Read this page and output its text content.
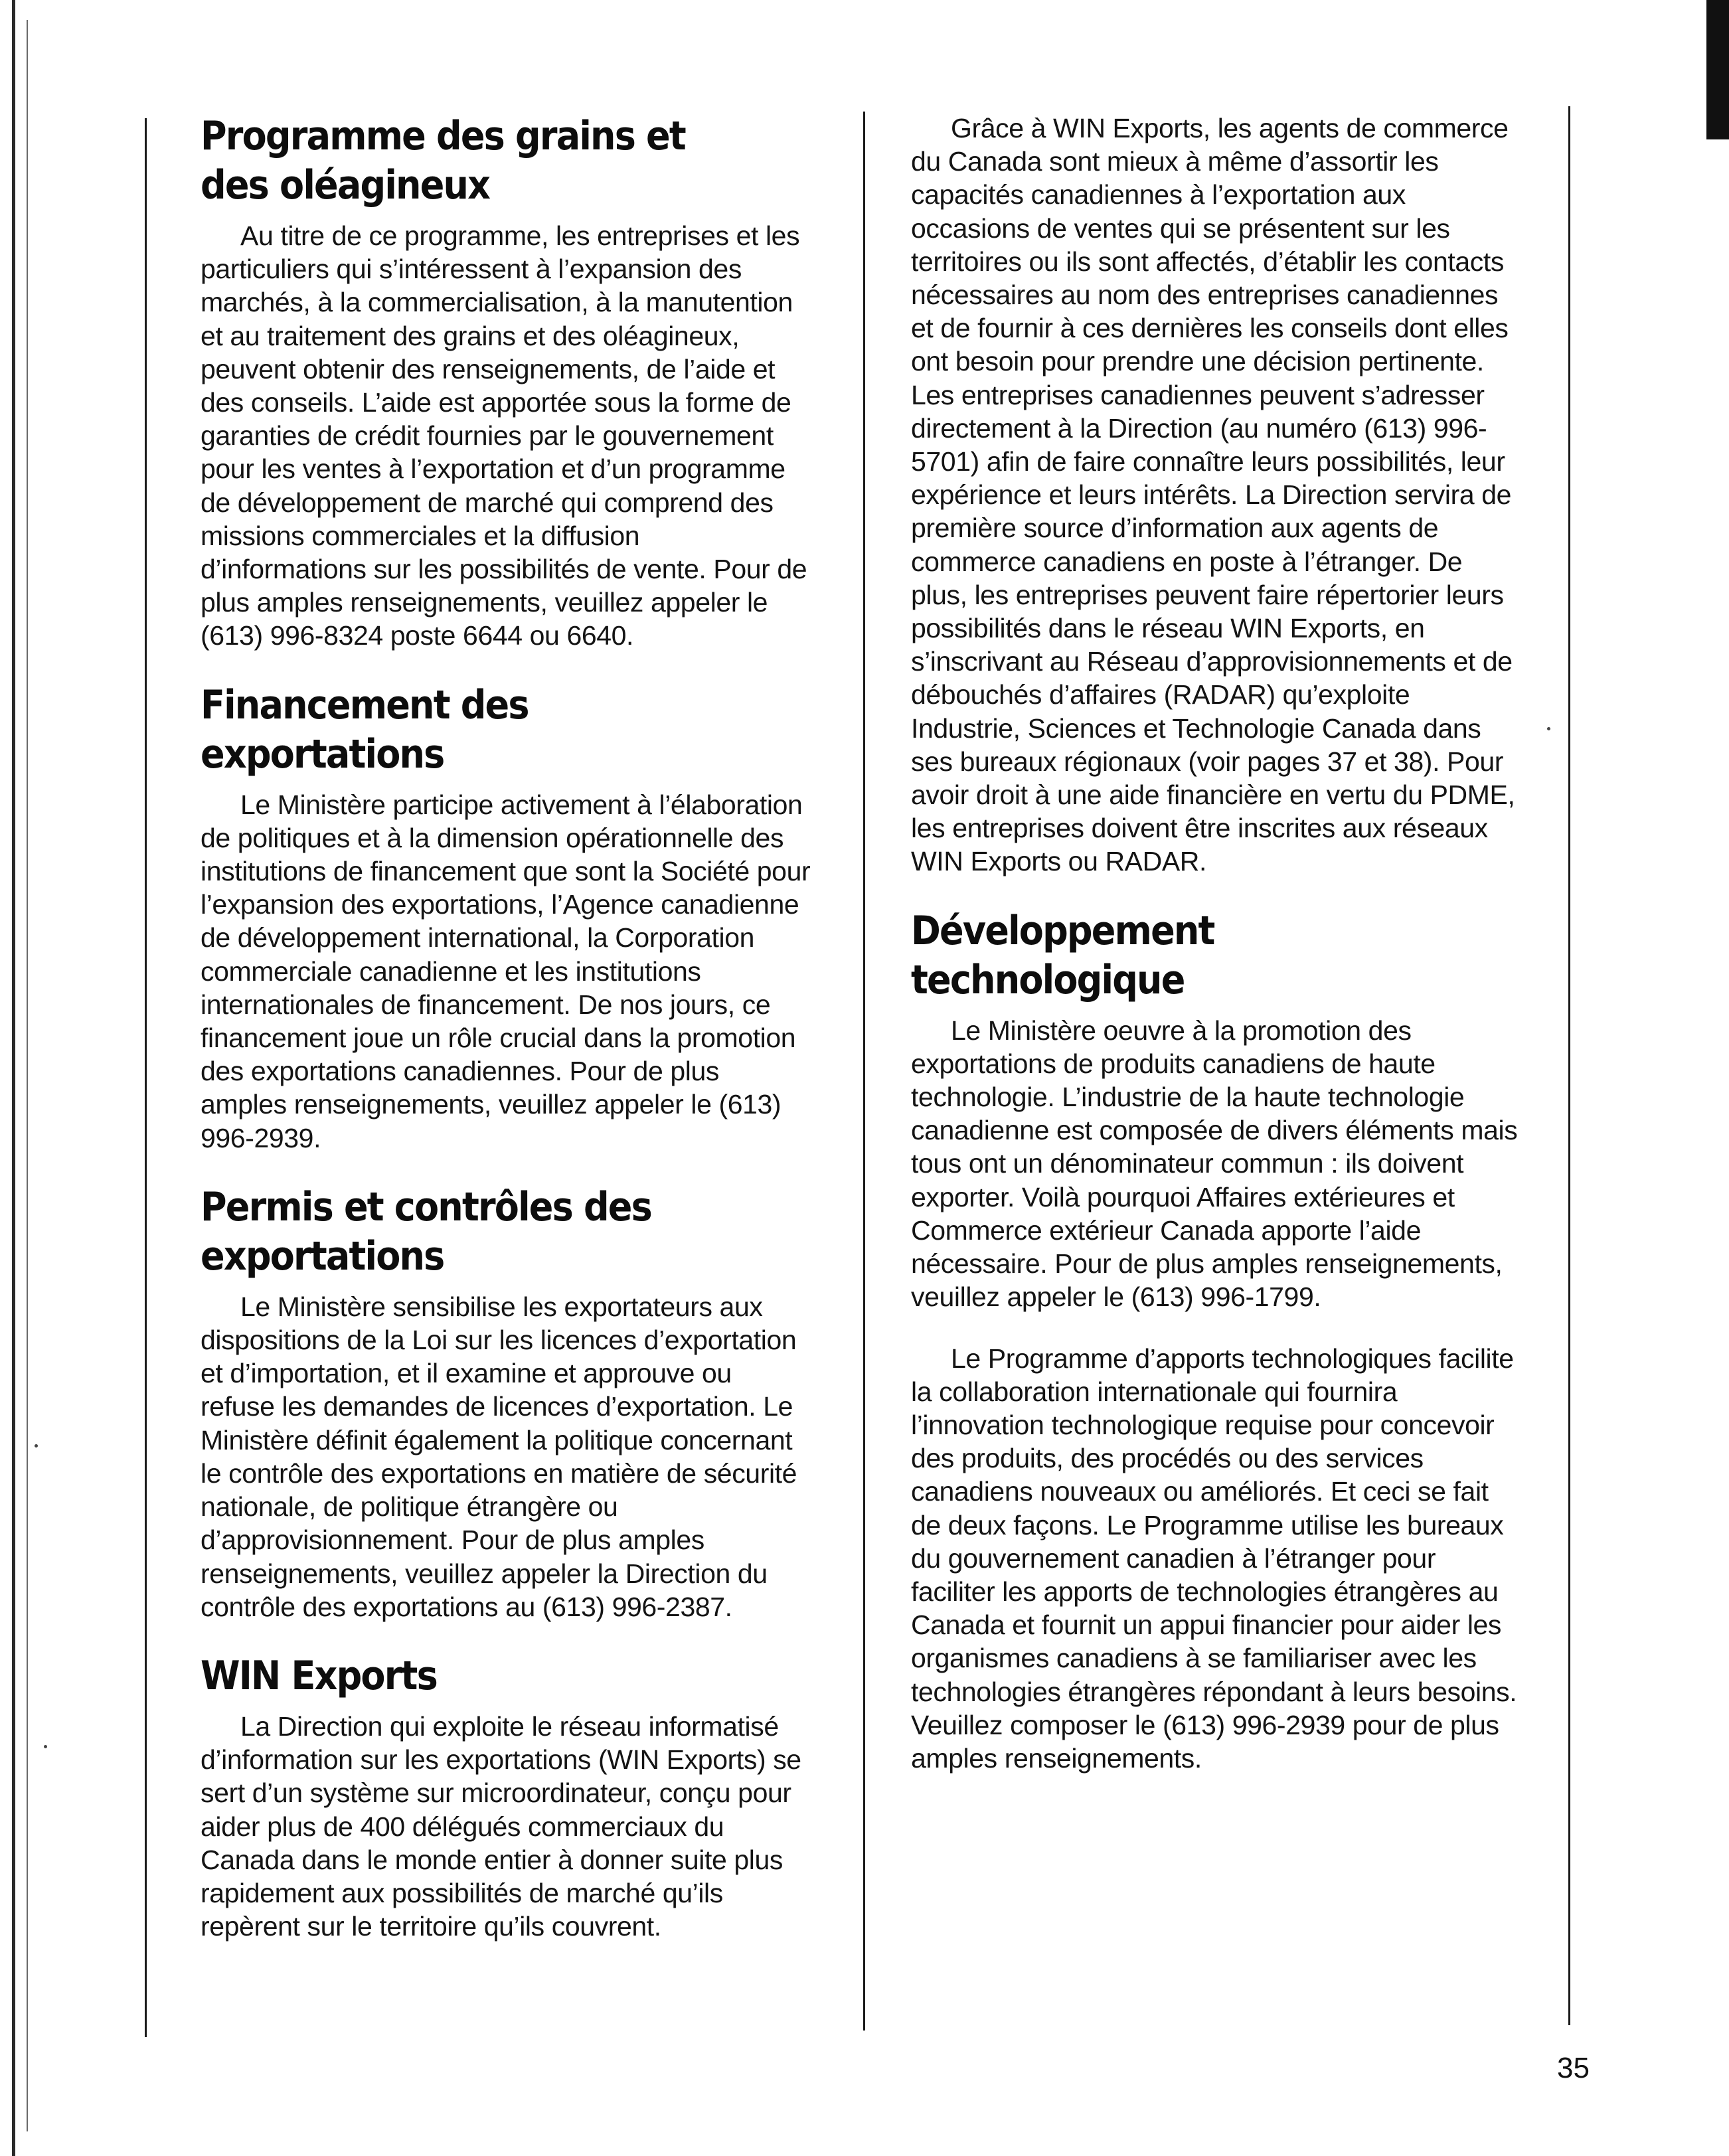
Programme des grains et des oléagineux

Au titre de ce programme, les entreprises et les particuliers qui s’intéressent à l’expansion des marchés, à la commercialisation, à la manutention et au traitement des grains et des oléagineux, peuvent obtenir des renseignements, de l’aide et des conseils. L’aide est apportée sous la forme de garanties de crédit fournies par le gouvernement pour les ventes à l’exportation et d’un programme de développement de marché qui comprend des missions commerciales et la diffusion d’informations sur les possibilités de vente. Pour de plus amples renseignements, veuillez appeler le (613) 996-8324 poste 6644 ou 6640.

Financement des exportations

Le Ministère participe activement à l’élaboration de politiques et à la dimension opérationnelle des institutions de financement que sont la Société pour l’expansion des exportations, l’Agence canadienne de développement international, la Corporation commerciale canadienne et les institutions internationales de financement. De nos jours, ce financement joue un rôle crucial dans la promotion des exportations canadiennes. Pour de plus amples renseignements, veuillez appeler le (613) 996-2939.

Permis et contrôles des exportations

Le Ministère sensibilise les exportateurs aux dispositions de la Loi sur les licences d’exportation et d’importation, et il examine et approuve ou refuse les demandes de licences d’exportation. Le Ministère définit également la politique concernant le contrôle des exportations en matière de sécurité nationale, de politique étrangère ou d’approvisionnement. Pour de plus amples renseignements, veuillez appeler la Direction du contrôle des exportations au (613) 996-2387.

WIN Exports

La Direction qui exploite le réseau informatisé d’information sur les exportations (WIN Exports) se sert d’un système sur microordinateur, conçu pour aider plus de 400 délégués commerciaux du Canada dans le monde entier à donner suite plus rapidement aux possibilités de marché qu’ils repèrent sur le territoire qu’ils couvrent.

Grâce à WIN Exports, les agents de commerce du Canada sont mieux à même d’assortir les capacités canadiennes à l’exportation aux occasions de ventes qui se présentent sur les territoires ou ils sont affectés, d’établir les contacts nécessaires au nom des entreprises canadiennes et de fournir à ces dernières les conseils dont elles ont besoin pour prendre une décision pertinente. Les entreprises canadiennes peuvent s’adresser directement à la Direction (au numéro (613) 996-5701) afin de faire connaître leurs possibilités, leur expérience et leurs intérêts. La Direction servira de première source d’information aux agents de commerce canadiens en poste à l’étranger. De plus, les entreprises peuvent faire répertorier leurs possibilités dans le réseau WIN Exports, en s’inscrivant au Réseau d’approvisionnements et de débouchés d’affaires (RADAR) qu’exploite Industrie, Sciences et Technologie Canada dans ses bureaux régionaux (voir pages 37 et 38). Pour avoir droit à une aide financière en vertu du PDME, les entreprises doivent être inscrites aux réseaux WIN Exports ou RADAR.

Développement technologique

Le Ministère oeuvre à la promotion des exportations de produits canadiens de haute technologie. L’industrie de la haute technologie canadienne est composée de divers éléments mais tous ont un dénominateur commun : ils doivent exporter. Voilà pourquoi Affaires extérieures et Commerce extérieur Canada apporte l’aide nécessaire. Pour de plus amples renseignements, veuillez appeler le (613) 996-1799.

Le Programme d’apports technologiques facilite la collaboration internationale qui fournira l’innovation technologique requise pour concevoir des produits, des procédés ou des services canadiens nouveaux ou améliorés. Et ceci se fait de deux façons. Le Programme utilise les bureaux du gouvernement canadien à l’étranger pour faciliter les apports de technologies étrangères au Canada et fournit un appui financier pour aider les organismes canadiens à se familiariser avec les technologies étrangères répondant à leurs besoins. Veuillez composer le (613) 996-2939 pour de plus amples renseignements.

35
